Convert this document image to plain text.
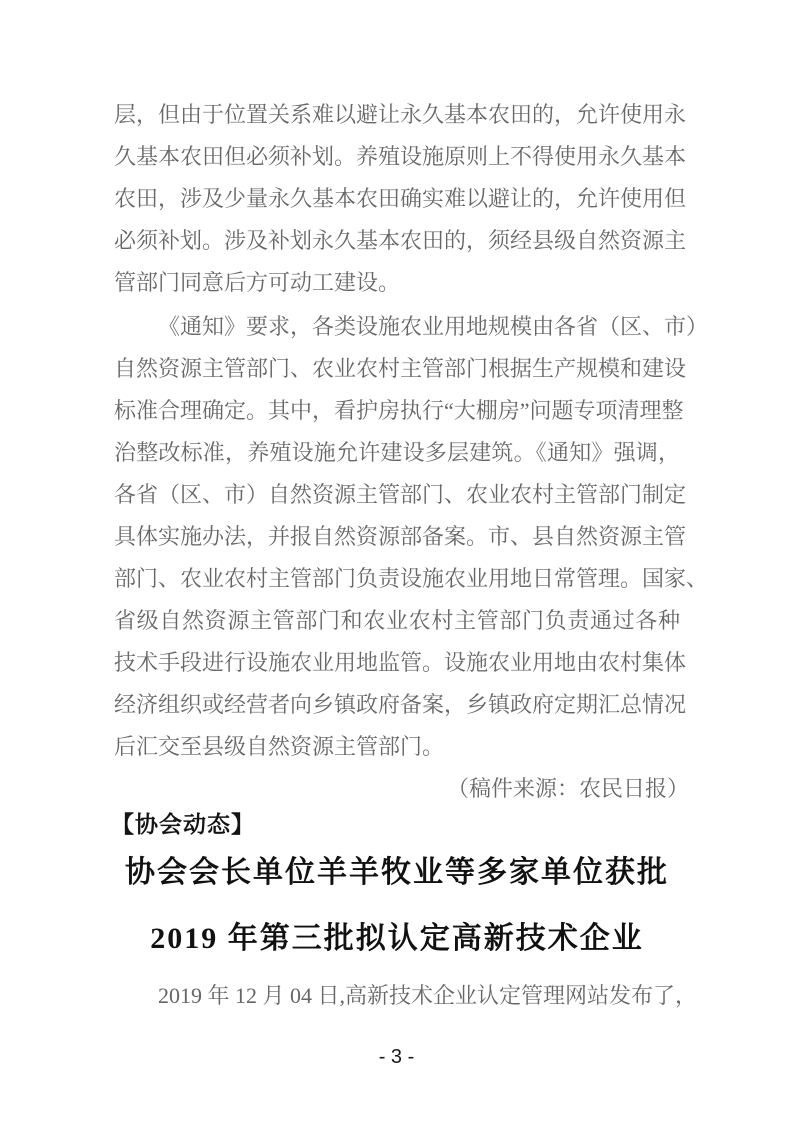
层，但由于位置关系难以避让永久基本农田的，允许使用永
久基本农田但必须补划。养殖设施原则上不得使用永久基本
农田，涉及少量永久基本农田确实难以避让的，允许使用但
必须补划。涉及补划永久基本农田的，须经县级自然资源主
管部门同意后方可动工建设。
《通知》要求，各类设施农业用地规模由各省（区、市）
自然资源主管部门、农业农村主管部门根据生产规模和建设
标准合理确定。其中，看护房执行“大棚房”问题专项清理整
治整改标准，养殖设施允许建设多层建筑。《通知》强调，
各省（区、市）自然资源主管部门、农业农村主管部门制定
具体实施办法，并报自然资源部备案。市、县自然资源主管
部门、农业农村主管部门负责设施农业用地日常管理。国家、
省级自然资源主管部门和农业农村主管部门负责通过各种
技术手段进行设施农业用地监管。设施农业用地由农村集体
经济组织或经营者向乡镇政府备案，乡镇政府定期汇总情况
后汇交至县级自然资源主管部门。
（稿件来源：农民日报）
【协会动态】
协会会长单位羊羊牧业等多家单位获批
2019 年第三批拟认定高新技术企业
2019 年 12 月 04 日,高新技术企业认定管理网站发布了，
- 3 -
